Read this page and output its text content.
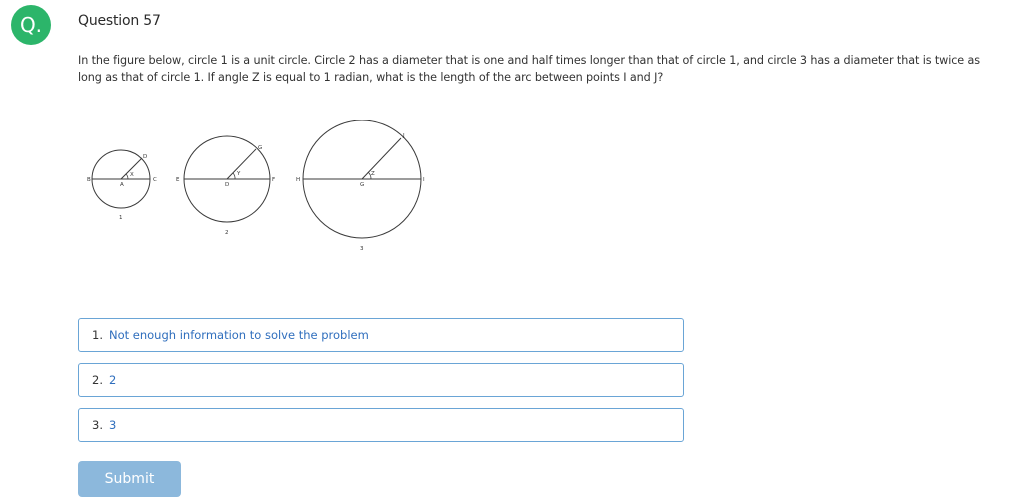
Q.	Question 57
In the figure below, circle 1 is a unit circle. Circle 2 has a diameter that is one and half times longer than that of circle 1, and circle 3 has a diameter that is twice as long as that of circle 1. If angle Z is equal to 1 radian, what is the length of the arc between points I and J?
B	C
A
D
X
1
E	F
D
G
Y
2
H	I
G
J
Z
3
1. Not enough information to solve the problem
2. 2
3. 3
Submit
